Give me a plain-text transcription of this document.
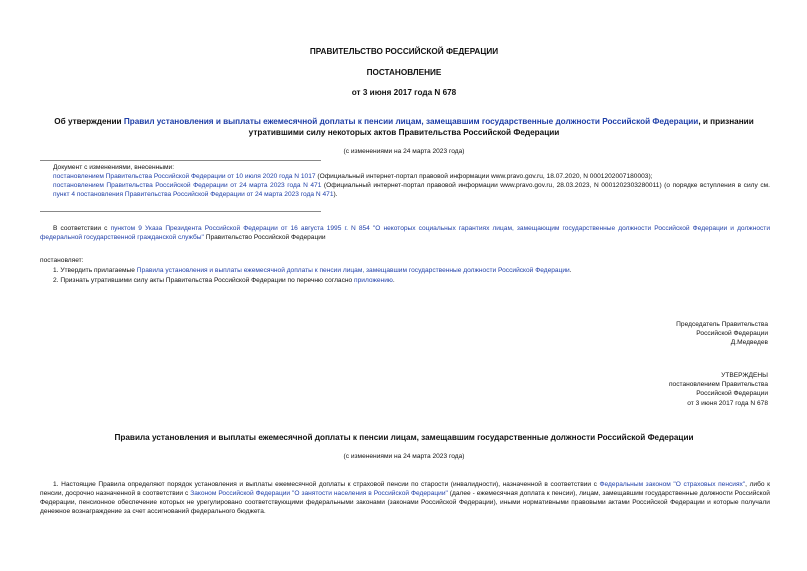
ПРАВИТЕЛЬСТВО РОССИЙСКОЙ ФЕДЕРАЦИИ
ПОСТАНОВЛЕНИЕ
от 3 июня 2017 года N 678
Об утверждении Правил установления и выплаты ежемесячной доплаты к пенсии лицам, замещавшим государственные должности Российской Федерации, и признании утратившими силу некоторых актов Правительства Российской Федерации
(с изменениями на 24 марта 2023 года)
Документ с изменениями, внесенными:
постановлением Правительства Российской Федерации от 10 июля 2020 года N 1017 (Официальный интернет-портал правовой информации www.pravo.gov.ru, 18.07.2020, N 0001202007180003);
постановлением Правительства Российской Федерации от 24 марта 2023 года N 471 (Официальный интернет-портал правовой информации www.pravo.gov.ru, 28.03.2023, N 0001202303280011) (о порядке вступления в силу см. пункт 4 постановления Правительства Российской Федерации от 24 марта 2023 года N 471).
В соответствии с пунктом 9 Указа Президента Российской Федерации от 16 августа 1995 г. N 854 "О некоторых социальных гарантиях лицам, замещающим государственные должности Российской Федерации и должности федеральной государственной гражданской службы" Правительство Российской Федерации
постановляет:
1. Утвердить прилагаемые Правила установления и выплаты ежемесячной доплаты к пенсии лицам, замещавшим государственные должности Российской Федерации.
2. Признать утратившими силу акты Правительства Российской Федерации по перечню согласно приложению.
Председатель Правительства
Российской Федерации
Д.Медведев
УТВЕРЖДЕНЫ
постановлением Правительства
Российской Федерации
от 3 июня 2017 года N 678
Правила установления и выплаты ежемесячной доплаты к пенсии лицам, замещавшим государственные должности Российской Федерации
(с изменениями на 24 марта 2023 года)
1. Настоящие Правила определяют порядок установления и выплаты ежемесячной доплаты к страховой пенсии по старости (инвалидности), назначенной в соответствии с Федеральным законом "О страховых пенсиях", либо к пенсии, досрочно назначенной в соответствии с Законом Российской Федерации "О занятости населения в Российской Федерации" (далее - ежемесячная доплата к пенсии), лицам, замещавшим государственные должности Российской Федерации, пенсионное обеспечение которых не урегулировано соответствующими федеральными законами (законами Российской Федерации), иными нормативными правовыми актами Российской Федерации и которые получали денежное вознаграждение за счет ассигнований федерального бюджета.
